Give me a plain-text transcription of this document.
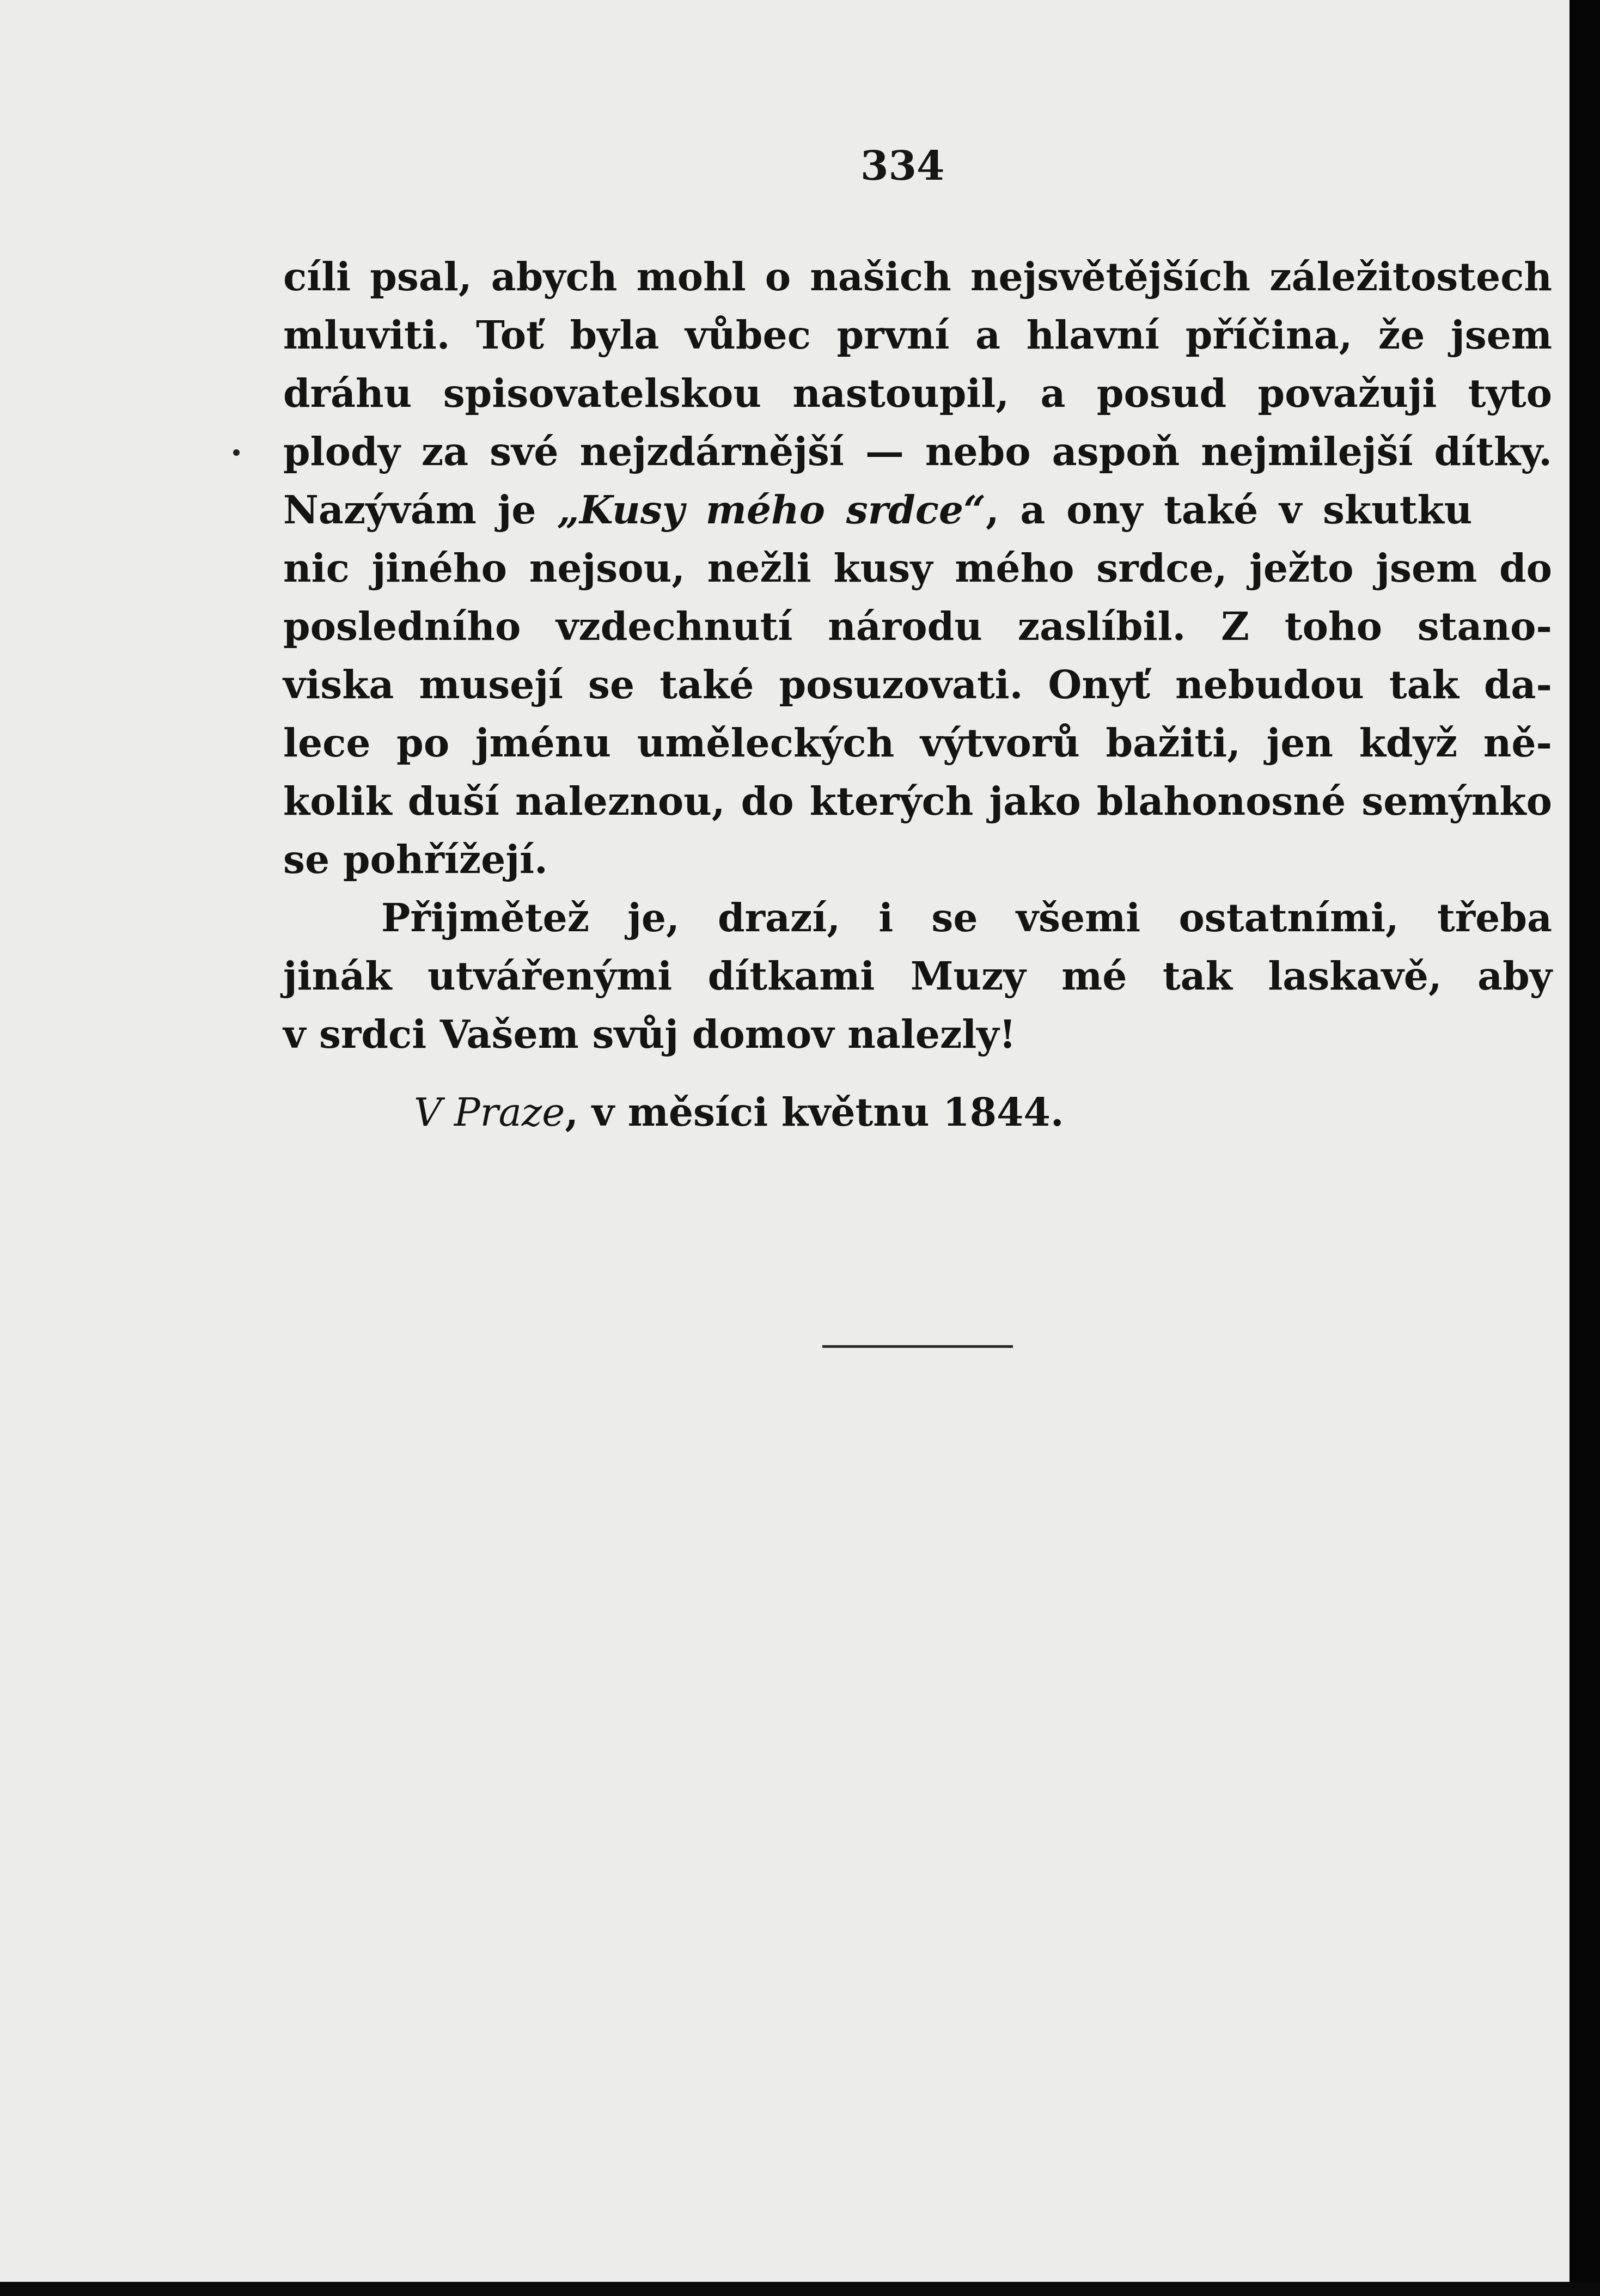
334

cíli psal, abych mohl o našich nejsvětějších záležitostech
mluviti. Toť byla vůbec první a hlavní příčina, že jsem
dráhu spisovatelskou nastoupil, a posud považuji tyto
plody za své nejzdárnější — nebo aspoň nejmilejší dítky.
Nazývám je „Kusy mého srdce“, a ony také v skutku
nic jiného nejsou, nežli kusy mého srdce, ježto jsem do
posledního vzdechnutí národu zaslíbil. Z toho stano-
viska musejí se také posuzovati. Onyť nebudou tak da-
lece po jménu uměleckých výtvorů bažiti, jen když ně-
kolik duší naleznou, do kterých jako blahonosné semýnko
se pohřížejí.
Přijmětež je, drazí, i se všemi ostatními, třeba
jinák utvářenými dítkami Muzy mé tak laskavě, aby
v srdci Vašem svůj domov nalezly!
V Praze, v měsíci květnu 1844.
